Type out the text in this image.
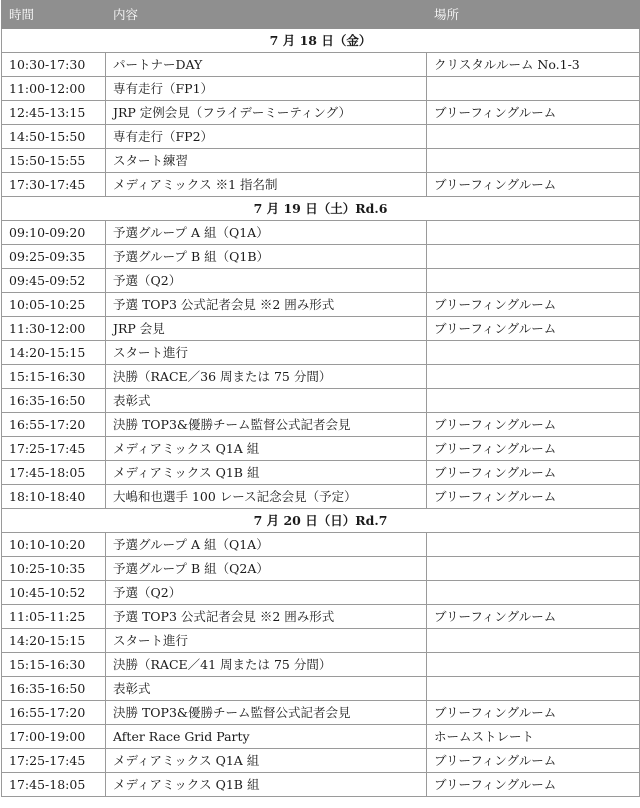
時間	内容	場所
7 月 18 日（金）		
10:30-17:30	パートナーDAY	クリスタルルーム No.1-3
11:00-12:00	専有走行（FP1）	
12:45-13:15	JRP 定例会見（フライデーミーティング）	ブリーフィングルーム
14:50-15:50	専有走行（FP2）	
15:50-15:55	スタート練習	
17:30-17:45	メディアミックス ※1 指名制	ブリーフィングルーム
7 月 19 日（土）Rd.6		
09:10-09:20	予選グループ A 組（Q1A）	
09:25-09:35	予選グループ B 組（Q1B）	
09:45-09:52	予選（Q2）	
10:05-10:25	予選 TOP3 公式記者会見 ※2 囲み形式	ブリーフィングルーム
11:30-12:00	JRP 会見	ブリーフィングルーム
14:20-15:15	スタート進行	
15:15-16:30	決勝（RACE／36 周または 75 分間）	
16:35-16:50	表彰式	
16:55-17:20	決勝 TOP3&優勝チーム監督公式記者会見	ブリーフィングルーム
17:25-17:45	メディアミックス Q1A 組	ブリーフィングルーム
17:45-18:05	メディアミックス Q1B 組	ブリーフィングルーム
18:10-18:40	大嶋和也選手 100 レース記念会見（予定）	ブリーフィングルーム
7 月 20 日（日）Rd.7		
10:10-10:20	予選グループ A 組（Q1A）	
10:25-10:35	予選グループ B 組（Q2A）	
10:45-10:52	予選（Q2）	
11:05-11:25	予選 TOP3 公式記者会見 ※2 囲み形式	ブリーフィングルーム
14:20-15:15	スタート進行	
15:15-16:30	決勝（RACE／41 周または 75 分間）	
16:35-16:50	表彰式	
16:55-17:20	決勝 TOP3&優勝チーム監督公式記者会見	ブリーフィングルーム
17:00-19:00	After Race Grid Party	ホームストレート
17:25-17:45	メディアミックス Q1A 組	ブリーフィングルーム
17:45-18:05	メディアミックス Q1B 組	ブリーフィングルーム
